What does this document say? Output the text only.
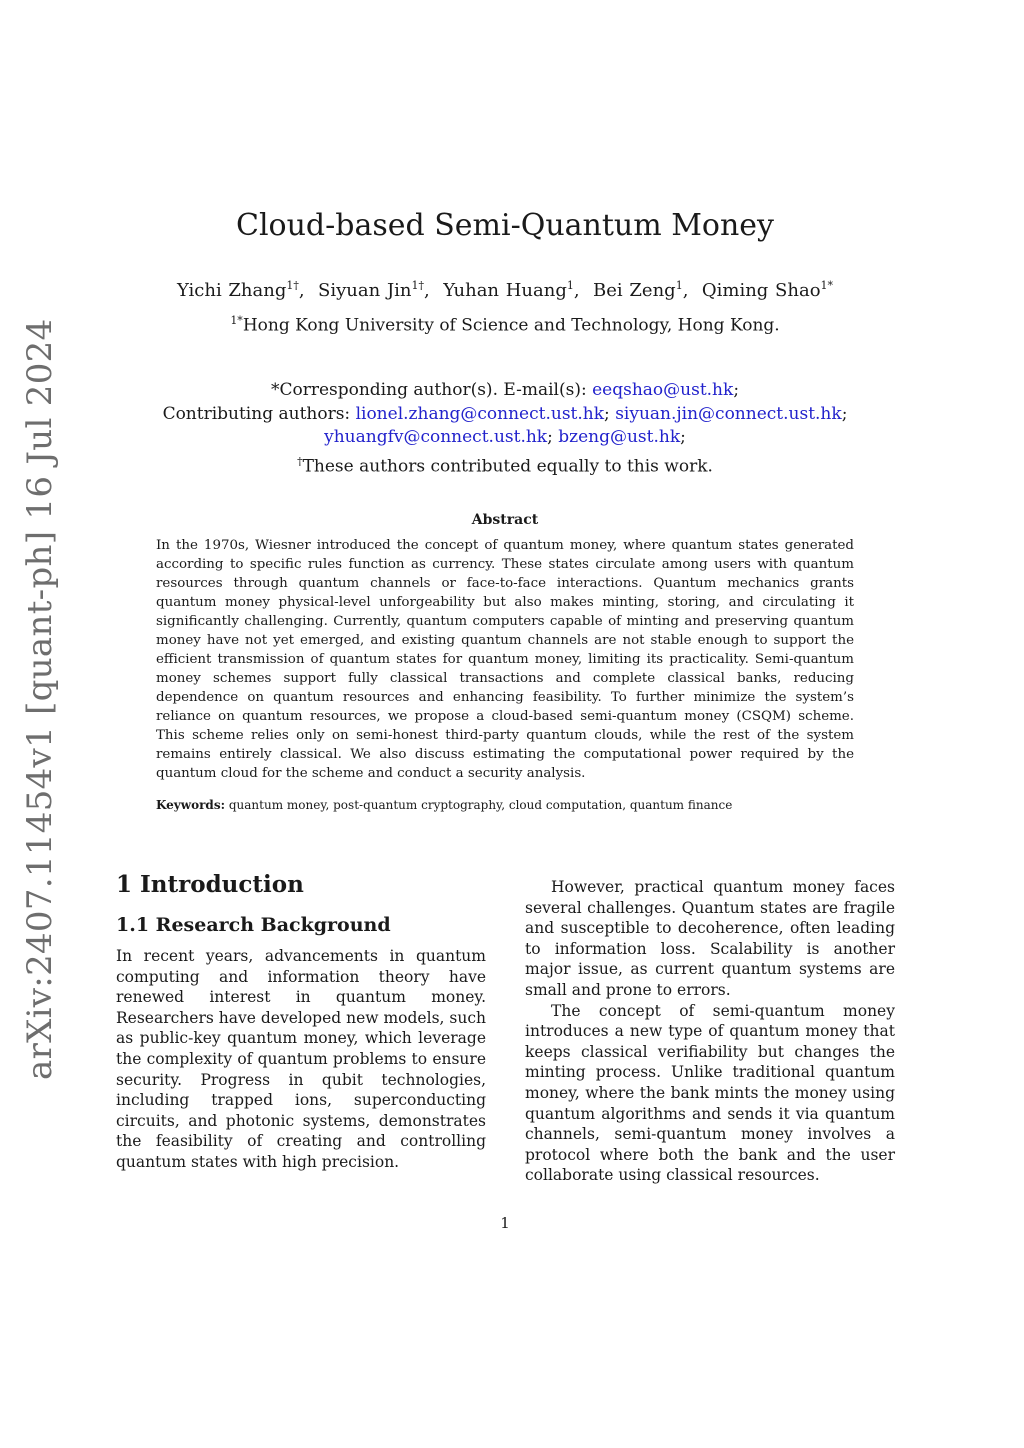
arXiv:2407.11454v1 [quant-ph] 16 Jul 2024
Cloud-based Semi-Quantum Money
Yichi Zhang$^{1\dagger}$,  Siyuan Jin$^{1\dagger}$,  Yuhan Huang$^1$,  Bei Zeng$^1$,  Qiming Shao$^{1*}$
$^{1*}$Hong Kong University of Science and Technology, Hong Kong.
*Corresponding author(s). E-mail(s): eeqshao@ust.hk;
Contributing authors: lionel.zhang@connect.ust.hk; siyuan.jin@connect.ust.hk;
yhuangfv@connect.ust.hk; bzeng@ust.hk;
†These authors contributed equally to this work.
Abstract
In the 1970s, Wiesner introduced the concept of quantum money, where quantum states generated according to specific rules function as currency. These states circulate among users with quantum resources through quantum channels or face-to-face interactions. Quantum mechanics grants quantum money physical-level unforgeability but also makes minting, storing, and circulating it significantly challenging. Currently, quantum computers capable of minting and preserving quantum money have not yet emerged, and existing quantum channels are not stable enough to support the efficient transmission of quantum states for quantum money, limiting its practicality. Semi-quantum money schemes support fully classical transactions and complete classical banks, reducing dependence on quantum resources and enhancing feasibility. To further minimize the system’s reliance on quantum resources, we propose a cloud-based semi-quantum money (CSQM) scheme. This scheme relies only on semi-honest third-party quantum clouds, while the rest of the system remains entirely classical. We also discuss estimating the computational power required by the quantum cloud for the scheme and conduct a security analysis.
Keywords: quantum money, post-quantum cryptography, cloud computation, quantum finance
1 Introduction
1.1 Research Background

In recent years, advancements in quantum computing and information theory have renewed interest in quantum money. Researchers have developed new models, such as public-key quantum money, which leverage the complexity of quantum problems to ensure security. Progress in qubit technologies, including trapped ions, superconducting circuits, and photonic systems, demonstrates the feasibility of creating and controlling quantum states with high precision.

However, practical quantum money faces several challenges. Quantum states are fragile and susceptible to decoherence, often leading to information loss. Scalability is another major issue, as current quantum systems are small and prone to errors.

The concept of semi-quantum money introduces a new type of quantum money that keeps classical verifiability but changes the minting process. Unlike traditional quantum money, where the bank mints the money using quantum algorithms and sends it via quantum channels, semi-quantum money involves a protocol where both the bank and the user collaborate using classical resources.

1
